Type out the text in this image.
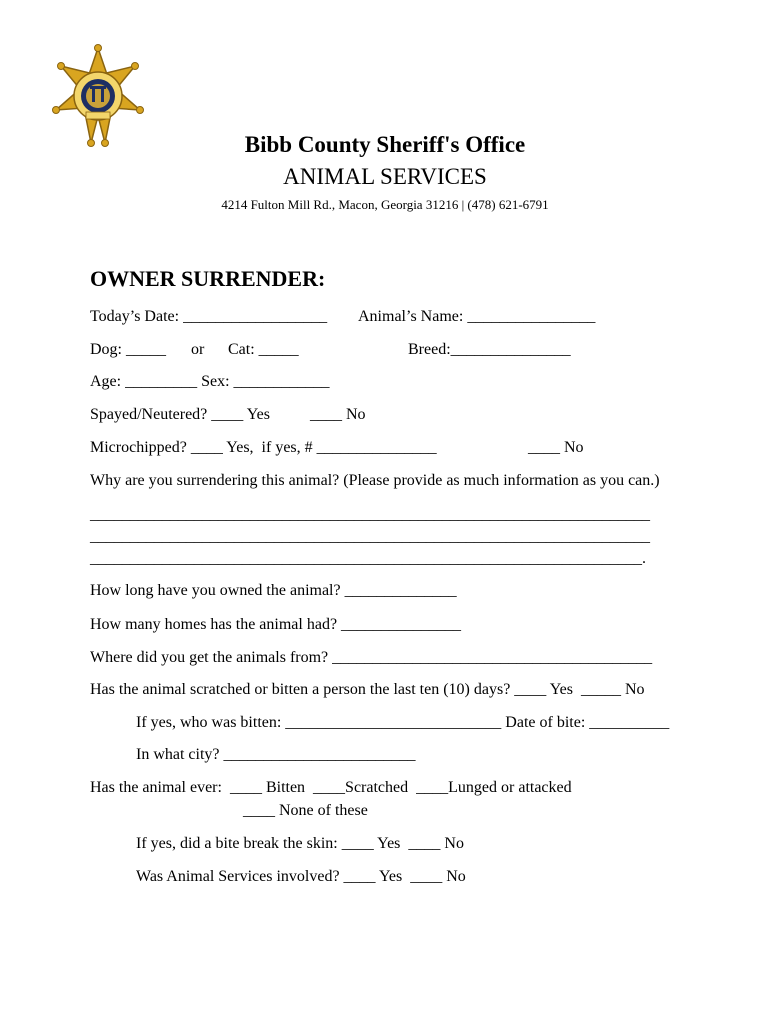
Bibb County Sheriff's Office
ANIMAL SERVICES
4214 Fulton Mill Rd., Macon, Georgia 31216 | (478) 621-6791
OWNER SURRENDER:
Today’s Date: __________________ Animal’s Name: ________________
Dog: _____ or Cat: _____	Breed:_______________
Age: _________ Sex: ____________
Spayed/Neutered? ____ Yes	____ No
Microchipped? ____ Yes,  if yes, # _______________	____ No
Why are you surrendering this animal? (Please provide as much information as you can.)
______________________________________________________________________
______________________________________________________________________
_____________________________________________________________________.
How long have you owned the animal? ______________
How many homes has the animal had? _______________
Where did you get the animals from? ________________________________________
Has the animal scratched or bitten a person the last ten (10) days? ____ Yes  _____ No
If yes, who was bitten: ___________________________ Date of bite: __________
In what city? ________________________
Has the animal ever:  ____ Bitten  ____Scratched  ____Lunged or attacked
____ None of these
If yes, did a bite break the skin: ____ Yes  ____ No
Was Animal Services involved? ____ Yes  ____ No
